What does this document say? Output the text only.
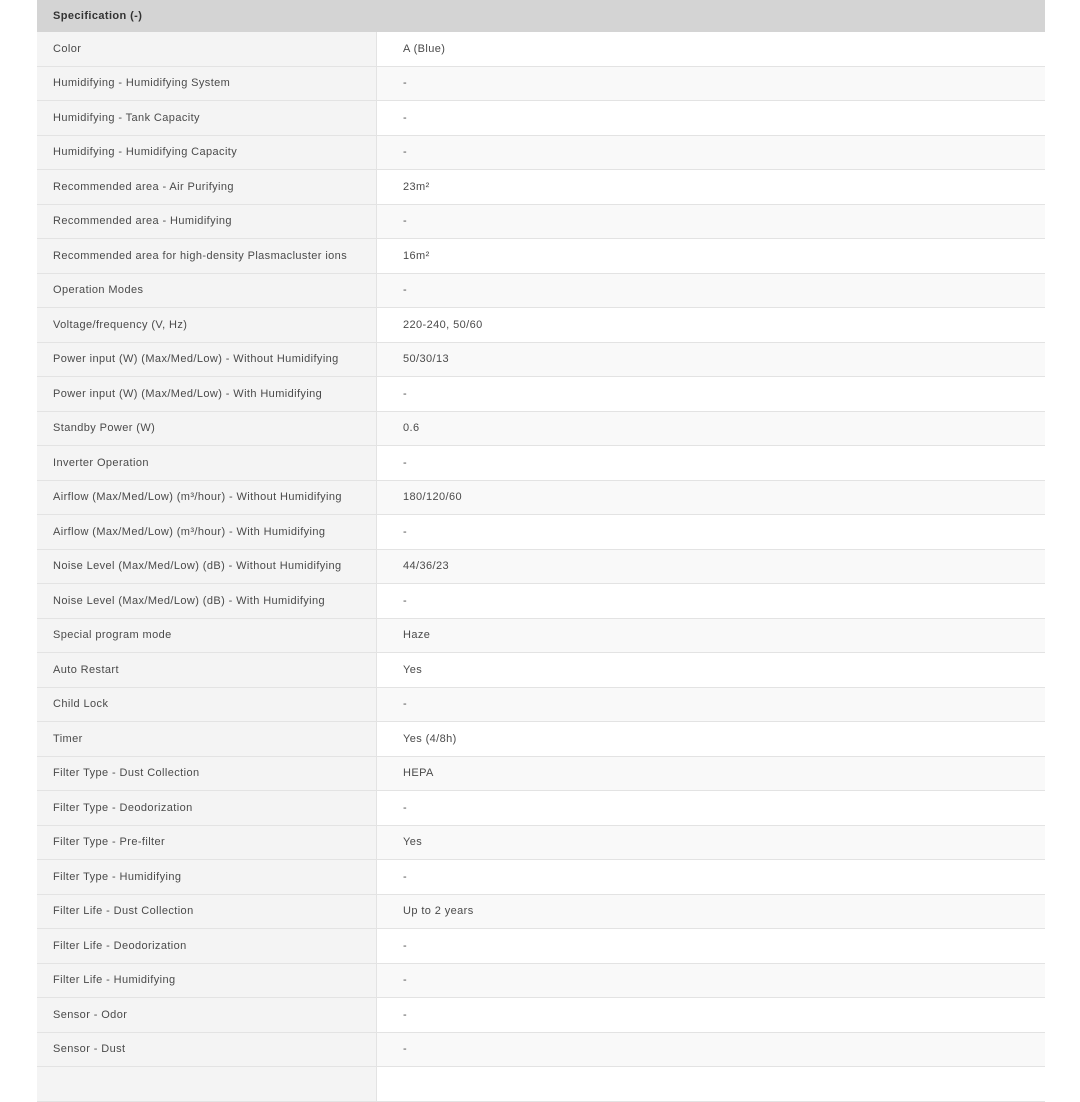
Specification (-)
Color	A (Blue)
Humidifying - Humidifying System	-
Humidifying - Tank Capacity	-
Humidifying - Humidifying Capacity	-
Recommended area - Air Purifying	23m²
Recommended area - Humidifying	-
Recommended area for high-density Plasmacluster ions	16m²
Operation Modes	-
Voltage/frequency (V, Hz)	220-240, 50/60
Power input (W) (Max/Med/Low) - Without Humidifying	50/30/13
Power input (W) (Max/Med/Low) - With Humidifying	-
Standby Power (W)	0.6
Inverter Operation	-
Airflow (Max/Med/Low) (m³/hour) - Without Humidifying	180/120/60
Airflow (Max/Med/Low) (m³/hour) - With Humidifying	-
Noise Level (Max/Med/Low) (dB) - Without Humidifying	44/36/23
Noise Level (Max/Med/Low) (dB) - With Humidifying	-
Special program mode	Haze
Auto Restart	Yes
Child Lock	-
Timer	Yes (4/8h)
Filter Type - Dust Collection	HEPA
Filter Type - Deodorization	-
Filter Type - Pre-filter	Yes
Filter Type - Humidifying	-
Filter Life - Dust Collection	Up to 2 years
Filter Life - Deodorization	-
Filter Life - Humidifying	-
Sensor - Odor	-
Sensor - Dust	-
